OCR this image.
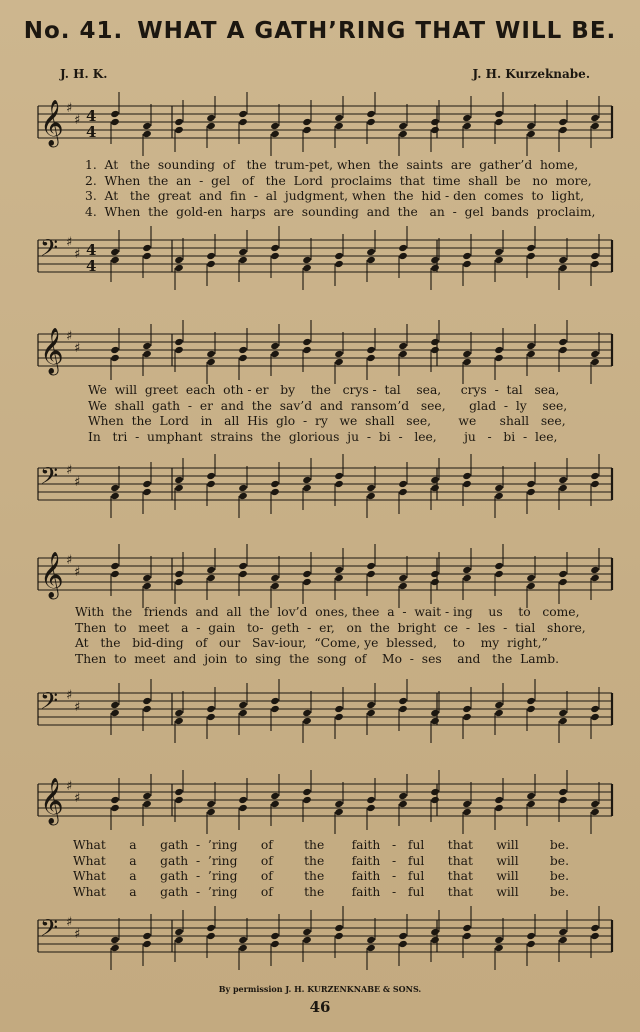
No. 41. WHAT A GATH’RING THAT WILL BE.
J. H. K.	J. H. Kurzeknabe.
𝄞 ♯
♯ 4
4
1.  At   the  sounding  of   the  trum-pet, when  the  saints  are  gather’d  home,
2.  When  the  an  -  gel   of   the  Lord  proclaims  that  time  shall  be   no  more,
3.  At   the  great  and  fin  -  al  judgment, when  the  hid - den  comes  to  light,
4.  When  the  gold-en  harps  are  sounding  and  the   an  -  gel  bands  proclaim,
𝄢 ♯
♯ 4
4
𝄞 ♯
♯
We  will  greet  each  oth - er   by    the   crys -  tal    sea,     crys  -  tal   sea,
We  shall  gath  -  er  and  the  sav’d  and  ransom’d   see,      glad  -  ly    see,
When  the  Lord   in   all  His  glo  -  ry   we  shall   see,       we      shall   see,
In   tri  -  umphant  strains  the  glorious  ju  -  bi  -   lee,       ju   -   bi  -  lee,
𝄢 ♯
♯
𝄞 ♯
♯
With  the   friends  and  all  the  lov’d  ones, thee  a  -  wait - ing    us    to   come,
Then  to   meet   a  -  gain   to-  geth  -  er,   on  the  bright  ce  -  les  -  tial   shore,
At   the   bid-ding   of   our   Sav-iour,  “Come, ye  blessed,    to    my  right,”
Then  to  meet  and  join  to  sing  the  song  of    Mo  -  ses    and   the  Lamb.
𝄢 ♯
♯
𝄞 ♯
♯
What      a      gath  -  ’ring      of        the       faith   -   ful      that      will        be.
What      a      gath  -  ’ring      of        the       faith   -   ful      that      will        be.
What      a      gath  -  ’ring      of        the       faith   -   ful      that      will        be.
What      a      gath  -  ’ring      of        the       faith   -   ful      that      will        be.
𝄢 ♯
♯
By permission J. H. KURZENKNABE & SONS.
46
